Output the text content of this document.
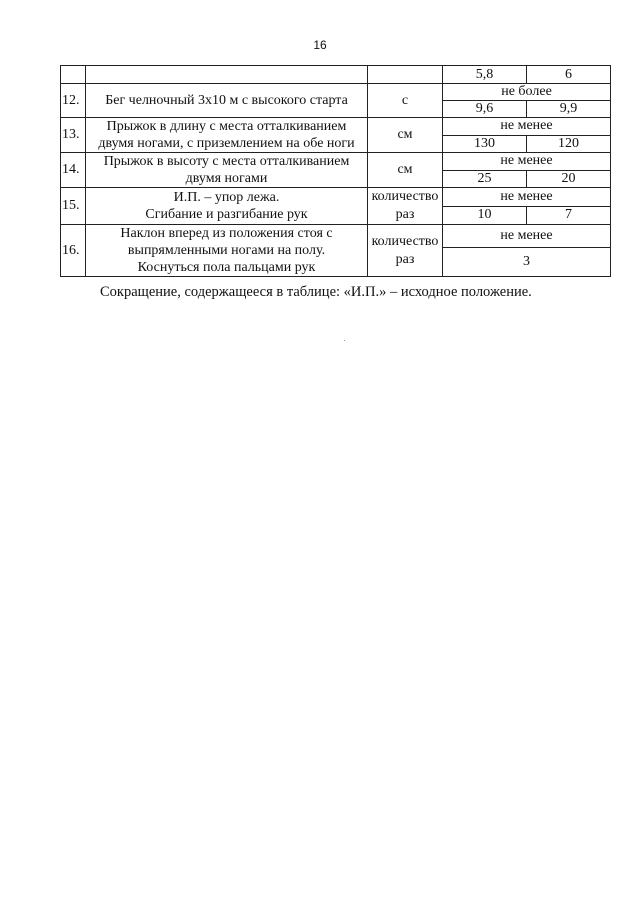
16
			5,8	6
12.	Бег челночный 3х10 м с высокого старта	с	не более	
			9,6	9,9
13.	Прыжок в длину с места отталкиванием
двумя ногами, с приземлением на обе ноги	см	не менее	
			130	120
14.	Прыжок в высоту с места отталкиванием
двумя ногами	см	не менее	
			25	20
15.	И.П. – упор лежа.
Сгибание и разгибание рук	количество
раз	не менее	
			10	7
16.	Наклон вперед из положения стоя с
выпрямленными ногами на полу.
Коснуться пола пальцами рук	количество
раз	не менее	
			3	
Сокращение, содержащееся в таблице: «И.П.» – исходное положение.
